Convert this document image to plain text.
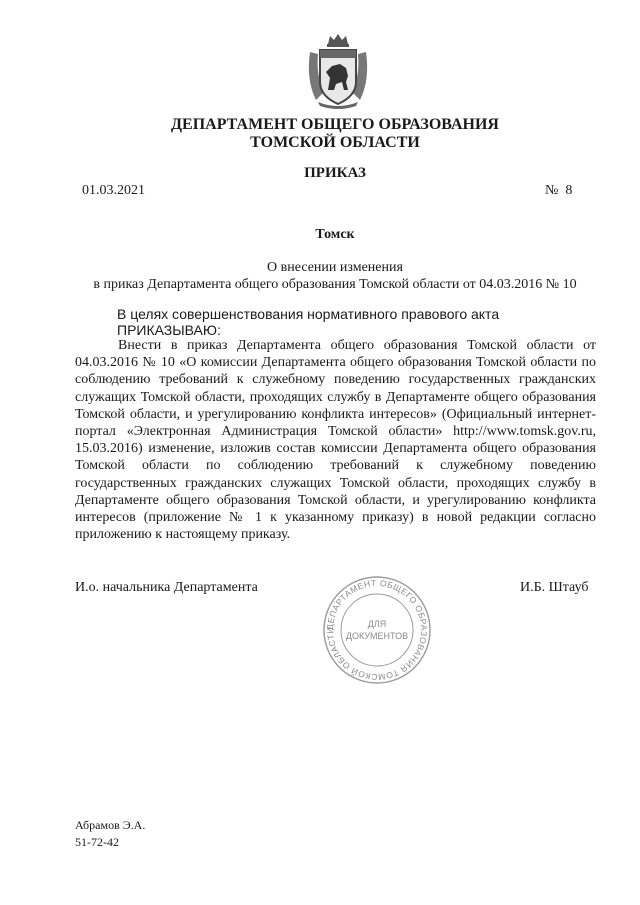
ДЕПАРТАМЕНТ ОБЩЕГО ОБРАЗОВАНИЯ
ТОМСКОЙ ОБЛАСТИ
ПРИКАЗ
01.03.2021	№  8
Томск
О внесении изменения
в приказ Департамента общего образования Томской области от 04.03.2016 № 10
В целях совершенствования нормативного правового акта
ПРИКАЗЫВАЮ:
Внести в приказ Департамента общего образования Томской области от
04.03.2016 № 10 «О комиссии Департамента общего образования Томской области по
соблюдению требований к служебному поведению государственных гражданских
служащих Томской области, проходящих службу в Департаменте общего образования
Томской области, и урегулированию конфликта интересов» (Официальный интернет-
портал «Электронная Администрация Томской области» http://www.tomsk.gov.ru,
15.03.2016) изменение, изложив состав комиссии Департамента общего образования
Томской области по соблюдению требований к служебному поведению
государственных гражданских служащих Томской области, проходящих службу в
Департаменте общего образования Томской области, и урегулированию конфликта
интересов (приложение № 1 к указанному приказу) в новой редакции согласно
приложению к настоящему приказу.
И.о. начальника Департамента	И.Б. Штауб
ДЕПАРТАМЕНТ ОБЩЕГО ОБРАЗОВАНИЯ ТОМСКОЙ ОБЛАСТИ
ДЛЯ
ДОКУМЕНТОВ
Абрамов Э.А.
51-72-42
